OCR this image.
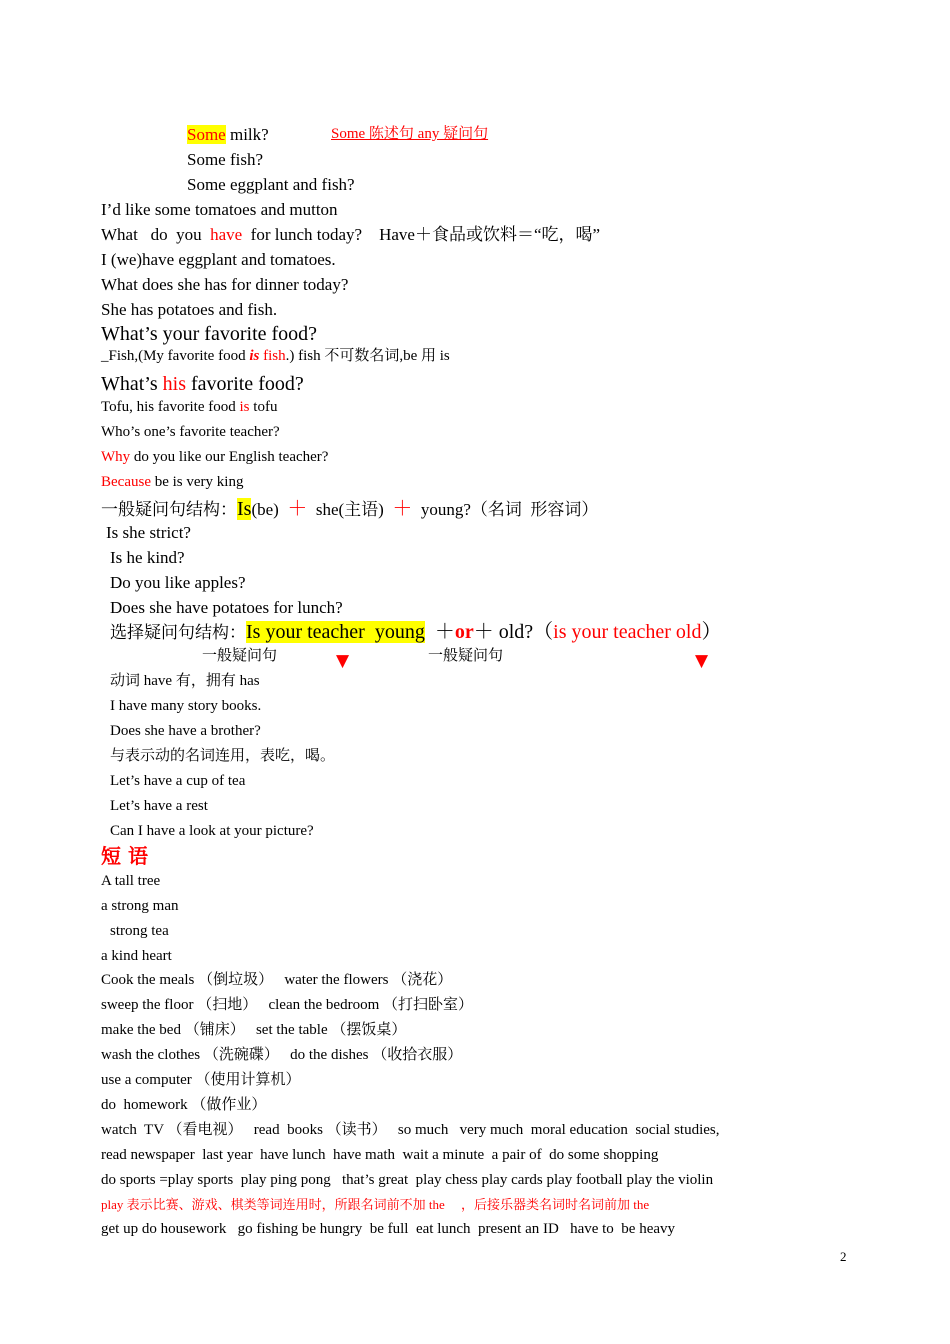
Some milk?	Some 陈述句 any 疑问句
Some fish?
Some eggplant and fish?
I’d like some tomatoes and mutton
What   do  you  have  for lunch today?    Have＋食品或饮料＝“吃，喝”
I (we)have eggplant and tomatoes.
What does she has for dinner today?
She has potatoes and fish.
What’s your favorite food?
_Fish,(My favorite food is fish.) fish 不可数名词,be 用 is
What’s his favorite food?
Tofu, his favorite food is tofu
Who’s one’s favorite teacher?
Why do you like our English teacher?
Because be is very king
一般疑问句结构：Is(be)  ＋  she(主语)  ＋  young?（名词  形容词）
Is she strict?
Is he kind?
Do you like apples?
Does she have potatoes for lunch?
选择疑问句结构：Is your teacher  young  ＋or＋ old?（is your teacher old）
一般疑问句	▼	一般疑问句	▼
动词 have 有，拥有 has
I have many story books.
Does she have a brother?
与表示动的名词连用，表吃，喝。
Let’s have a cup of tea
Let’s have a rest
Can I have a look at your picture?
短 语
A tall tree
a strong man
strong tea
a kind heart
Cook the meals （倒垃圾）   water the flowers （浇花）
sweep the floor （扫地）   clean the bedroom （打扫卧室）
make the bed （铺床）   set the table （摆饭桌）
wash the clothes （洗碗碟）   do the dishes （收拾衣服）
use a computer （使用计算机）
do  homework （做作业）
watch  TV （看电视）   read  books （读书）   so much   very much  moral education  social studies,
read newspaper  last year  have lunch  have math  wait a minute  a pair of  do some shopping
do sports =play sports  play ping pong   that’s great  play chess play cards play football play the violin
play 表示比赛、游戏、棋类等词连用时，所跟名词前不加 the     ，后接乐器类名词时名词前加 the
get up do housework   go fishing be hungry  be full  eat lunch  present an ID   have to  be heavy
2
